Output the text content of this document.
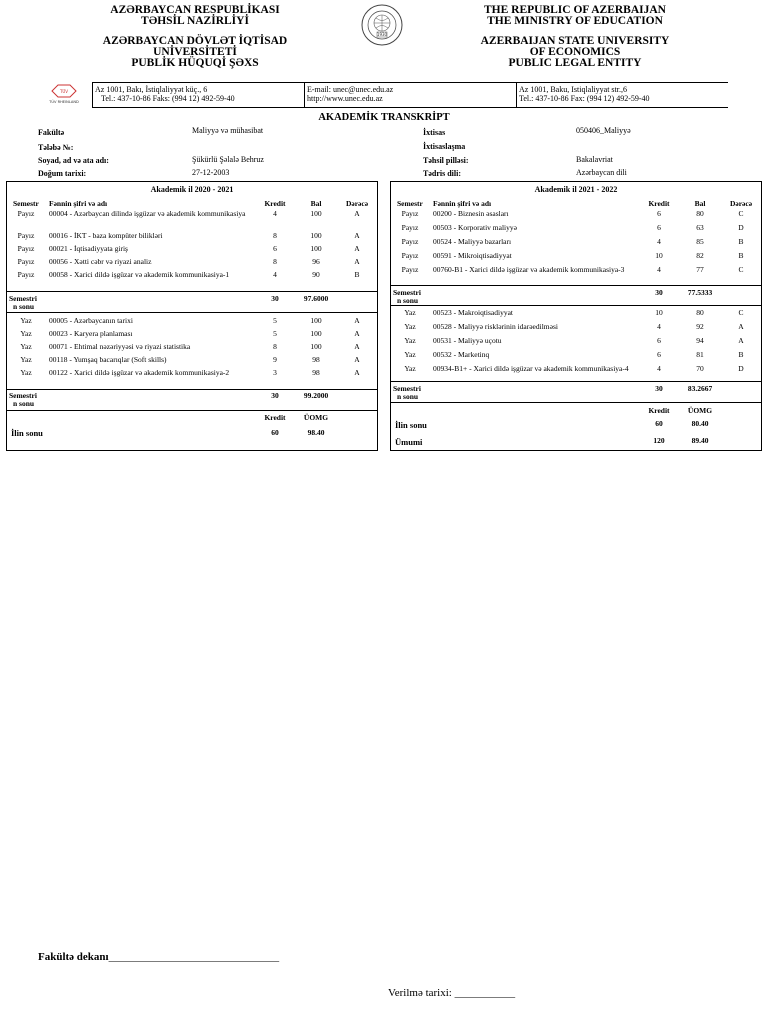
AZƏRBAYCAN RESPUBLİKASI
TƏHSİL NAZİRLİYİ
AZƏRBAYCAN DÖVLƏT İQTİSAD
UNİVERSİTETİ
PUBLİK HÜQUQİ ŞƏXS
1930
THE REPUBLIC OF AZERBAIJAN
THE MINISTRY OF EDUCATION
AZERBAIJAN STATE UNIVERSITY
OF ECONOMICS
PUBLIC LEGAL ENTITY
TÜV
TÜV RHEINLAND
Az 1001, Bakı, İstiqlaliyyət küç., 6
Tel.: 437-10-86 Faks: (994 12) 492-59-40
E-mail: unec@unec.edu.az
http://www.unec.edu.az
Az 1001, Baku, Istiqlaliyyat str.,6
Tel.: 437-10-86 Fax: (994 12) 492-59-40
AKADEMİK TRANSKRİPT
Fakültə	Maliyyə və mühasibat
Tələbə №:
Soyad, ad və ata adı:	Şükürlü Şəlalə Behruz
Doğum tarixi:	27-12-2003
İxtisas	050406_Maliyyə
İxtisaslaşma
Təhsil pilləsi:	Bakalavriat
Tədris dili:	Azərbaycan dili
Akademik il 2020 - 2021
Semestr Fənnin şifri və adı	Kredit	Bal	Dərəcə
Payız	00004 - Azərbaycan dilində işgüzar və akademik kommunikasiya	4	100	A
Payız	00016 - İKT - baza kompüter bilikləri	8	100	A
Payız	00021 - İqtisadiyyata giriş	6	100	A
Payız	00056 - Xətti cəbr və riyazi analiz	8	96	A
Payız	00058 - Xarici dildə işgüzar və akademik kommunikasiya-1	4	90	B
Semestri
n sonu
30	97.6000
Yaz	00005 - Azərbaycanın tarixi	5	100	A
Yaz	00023 - Karyera planlaması	5	100	A
Yaz	00071 - Ehtimal nəzəriyyəsi və riyazi statistika	8	100	A
Yaz	00118 - Yumşaq bacarıqlar (Soft skills)	9	98	A
Yaz	00122 - Xarici dildə işgüzar və akademik kommunikasiya-2	3	98	A
Semestri
n sonu
30	99.2000
Kredit	ÜOMG
İlin sonu	60	98.40
Akademik il 2021 - 2022
Semestr Fənnin şifri və adı	Kredit	Bal	Dərəcə
Payız	00200 - Biznesin əsasları	6	80	C
Payız	00503 - Korporativ maliyyə	6	63	D
Payız	00524 - Maliyyə bazarları	4	85	B
Payız	00591 - Mikroiqtisadiyyat	10	82	B
Payız	00760-B1 - Xarici dildə işgüzar və akademik kommunikasiya-3	4	77	C
Semestri
n sonu
30	77.5333
Yaz	00523 - Makroiqtisadiyyat	10	80	C
Yaz	00528 - Maliyyə risklərinin idarəedilməsi	4	92	A
Yaz	00531 - Maliyyə uçotu	6	94	A
Yaz	00532 - Marketinq	6	81	B
Yaz	00934-B1+ - Xarici dildə işgüzar və akademik kommunikasiya-4	4	70	D
Semestri
n sonu
30	83.2667
Kredit	ÜOMG
İlin sonu	60	80.40
Ümumi	120	89.40
Fakültə dekanı_______________________________
Verilmə tarixi: ___________
